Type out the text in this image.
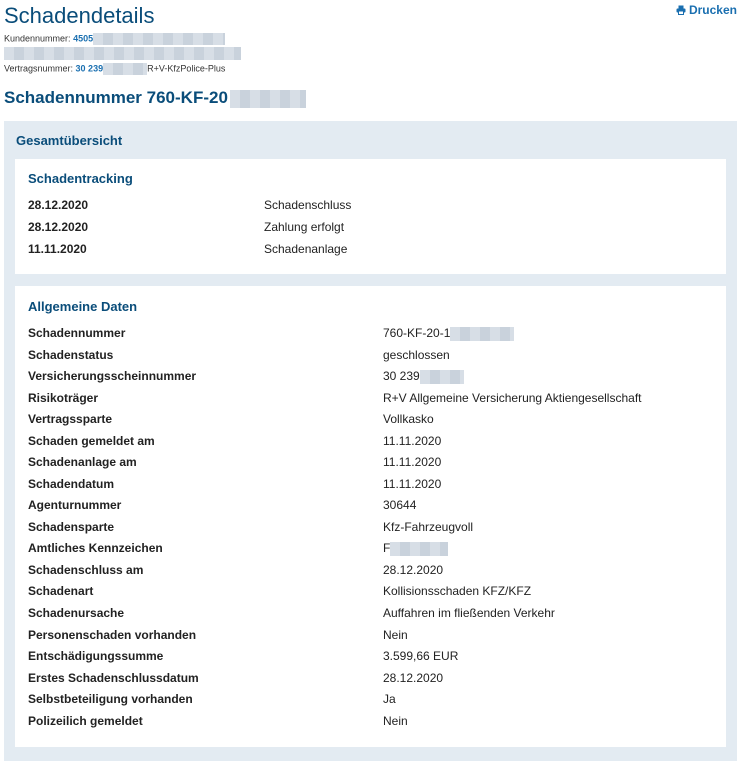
Schadendetails	Drucken
Kundennummer: 4505
Vertragsnummer: 30 239	R+V-KfzPolice-Plus
Schadennummer 760-KF-20
Gesamtübersicht
Schadentracking
28.12.2020	Schadenschluss
28.12.2020	Zahlung erfolgt
11.11.2020	Schadenanlage
Allgemeine Daten
Schadennummer	760-KF-20-1
Schadenstatus	geschlossen
Versicherungsscheinnummer	30 239
Risikoträger	R+V Allgemeine Versicherung Aktiengesellschaft
Vertragssparte	Vollkasko
Schaden gemeldet am	11.11.2020
Schadenanlage am	11.11.2020
Schadendatum	11.11.2020
Agenturnummer	30644
Schadensparte	Kfz-Fahrzeugvoll
Amtliches Kennzeichen	F
Schadenschluss am	28.12.2020
Schadenart	Kollisionsschaden KFZ/KFZ
Schadenursache	Auffahren im fließenden Verkehr
Personenschaden vorhanden	Nein
Entschädigungssumme	3.599,66 EUR
Erstes Schadenschlussdatum	28.12.2020
Selbstbeteiligung vorhanden	Ja
Polizeilich gemeldet	Nein
